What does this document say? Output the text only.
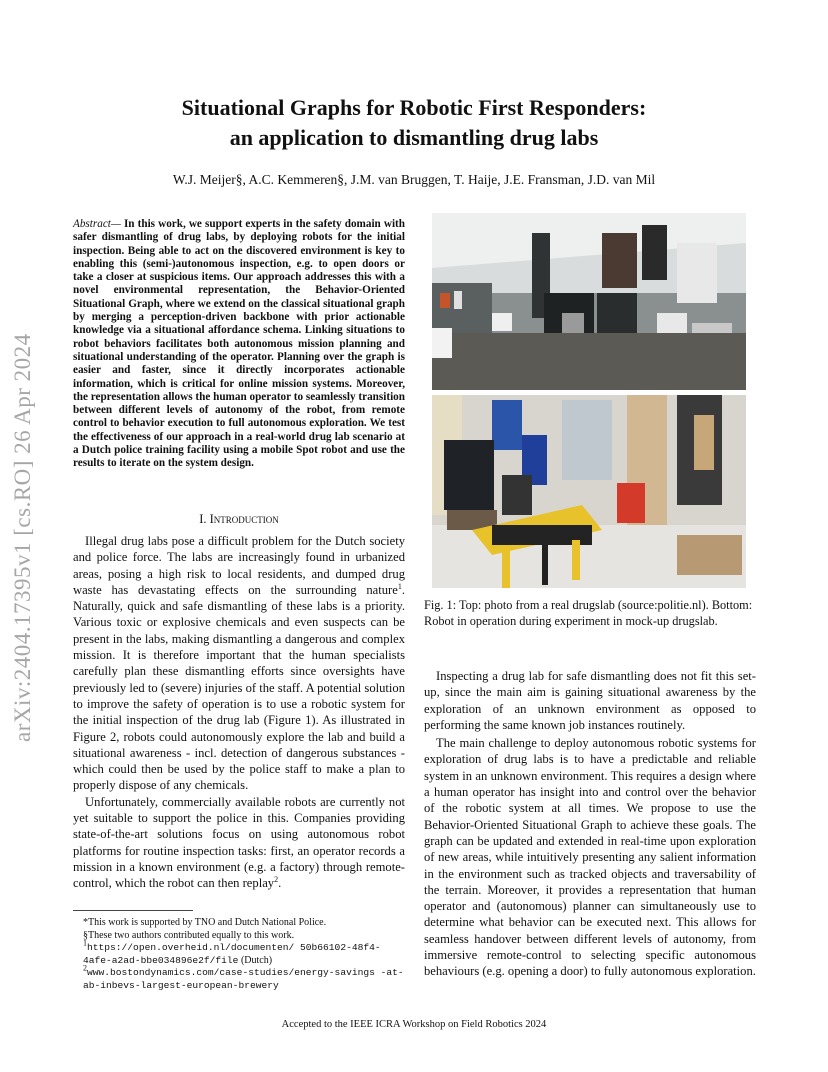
Situational Graphs for Robotic First Responders:
an application to dismantling drug labs
W.J. Meijer§, A.C. Kemmeren§, J.M. van Bruggen, T. Haije, J.E. Fransman, J.D. van Mil
arXiv:2404.17395v1 [cs.RO] 26 Apr 2024
Abstract— In this work, we support experts in the safety domain with safer dismantling of drug labs, by deploying robots for the initial inspection. Being able to act on the discovered environment is key to enabling this (semi-)autonomous inspection, e.g. to open doors or take a closer at suspicious items. Our approach addresses this with a novel environmental representation, the Behavior-Oriented Situational Graph, where we extend on the classical situational graph by merging a perception-driven backbone with prior actionable knowledge via a situational affordance schema. Linking situations to robot behaviors facilitates both autonomous mission planning and situational understanding of the operator. Planning over the graph is easier and faster, since it directly incorporates actionable information, which is critical for online mission systems. Moreover, the representation allows the human operator to seamlessly transition between different levels of autonomy of the robot, from remote control to behavior execution to full autonomous exploration. We test the effectiveness of our approach in a real-world drug lab scenario at a Dutch police training facility using a mobile Spot robot and use the results to iterate on the system design.
I. Introduction

Illegal drug labs pose a difficult problem for the Dutch society and police force. The labs are increasingly found in urbanized areas, posing a high risk to local residents, and dumped drug waste has devastating effects on the surrounding nature$^1$. Naturally, quick and safe dismantling of these labs is a priority. Various toxic or explosive chemicals and even suspects can be present in the labs, making dismantling a dangerous and complex mission. It is therefore important that the human specialists carefully plan these dismantling efforts since oversights have previously led to (severe) injuries of the staff. A potential solution to improve the safety of operation is to use a robotic system for the initial inspection of the drug lab (Figure 1). As illustrated in Figure 2, robots could autonomously explore the lab and build a situational awareness - incl. detection of dangerous substances - which could then be used by the police staff to make a plan to properly dispose of any chemicals.

Unfortunately, commercially available robots are currently not yet suitable to support the police in this. Companies providing state-of-the-art solutions focus on using autonomous robot platforms for routine inspection tasks: first, an operator records a mission in a known environment (e.g. a factory) through remote-control, which the robot can then replay$^2$.

*This work is supported by TNO and Dutch National Police.
§These two authors contributed equally to this work.
$^1$https://open.overheid.nl/documenten/ 50b66102-48f4-4afe-a2ad-bbe034896e2f/file (Dutch)
$^2$www.bostondynamics.com/case-studies/energy-savings -at-ab-inbevs-largest-european-brewery
Fig. 1: Top: photo from a real drugslab (source:politie.nl). Bottom: Robot in operation during experiment in mock-up drugslab.

Inspecting a drug lab for safe dismantling does not fit this set-up, since the main aim is gaining situational awareness by the exploration of an unknown environment as opposed to performing the same known job instances routinely.

The main challenge to deploy autonomous robotic systems for exploration of drug labs is to have a predictable and reliable system in an unknown environment. This requires a design where a human operator has insight into and control over the behavior of the robotic system at all times. We propose to use the Behavior-Oriented Situational Graph to achieve these goals. The graph can be updated and extended in real-time upon exploration of new areas, while intuitively presenting any salient information in the environment such as tracked objects and traversability of the terrain. Moreover, it provides a representation that human operator and (autonomous) planner can simultaneously use to determine what behavior can be executed next. This allows for seamless handover between different levels of autonomy, from immersive remote-control to selecting specific autonomous behaviours (e.g. opening a door) to fully autonomous exploration.

Accepted to the IEEE ICRA Workshop on Field Robotics 2024
